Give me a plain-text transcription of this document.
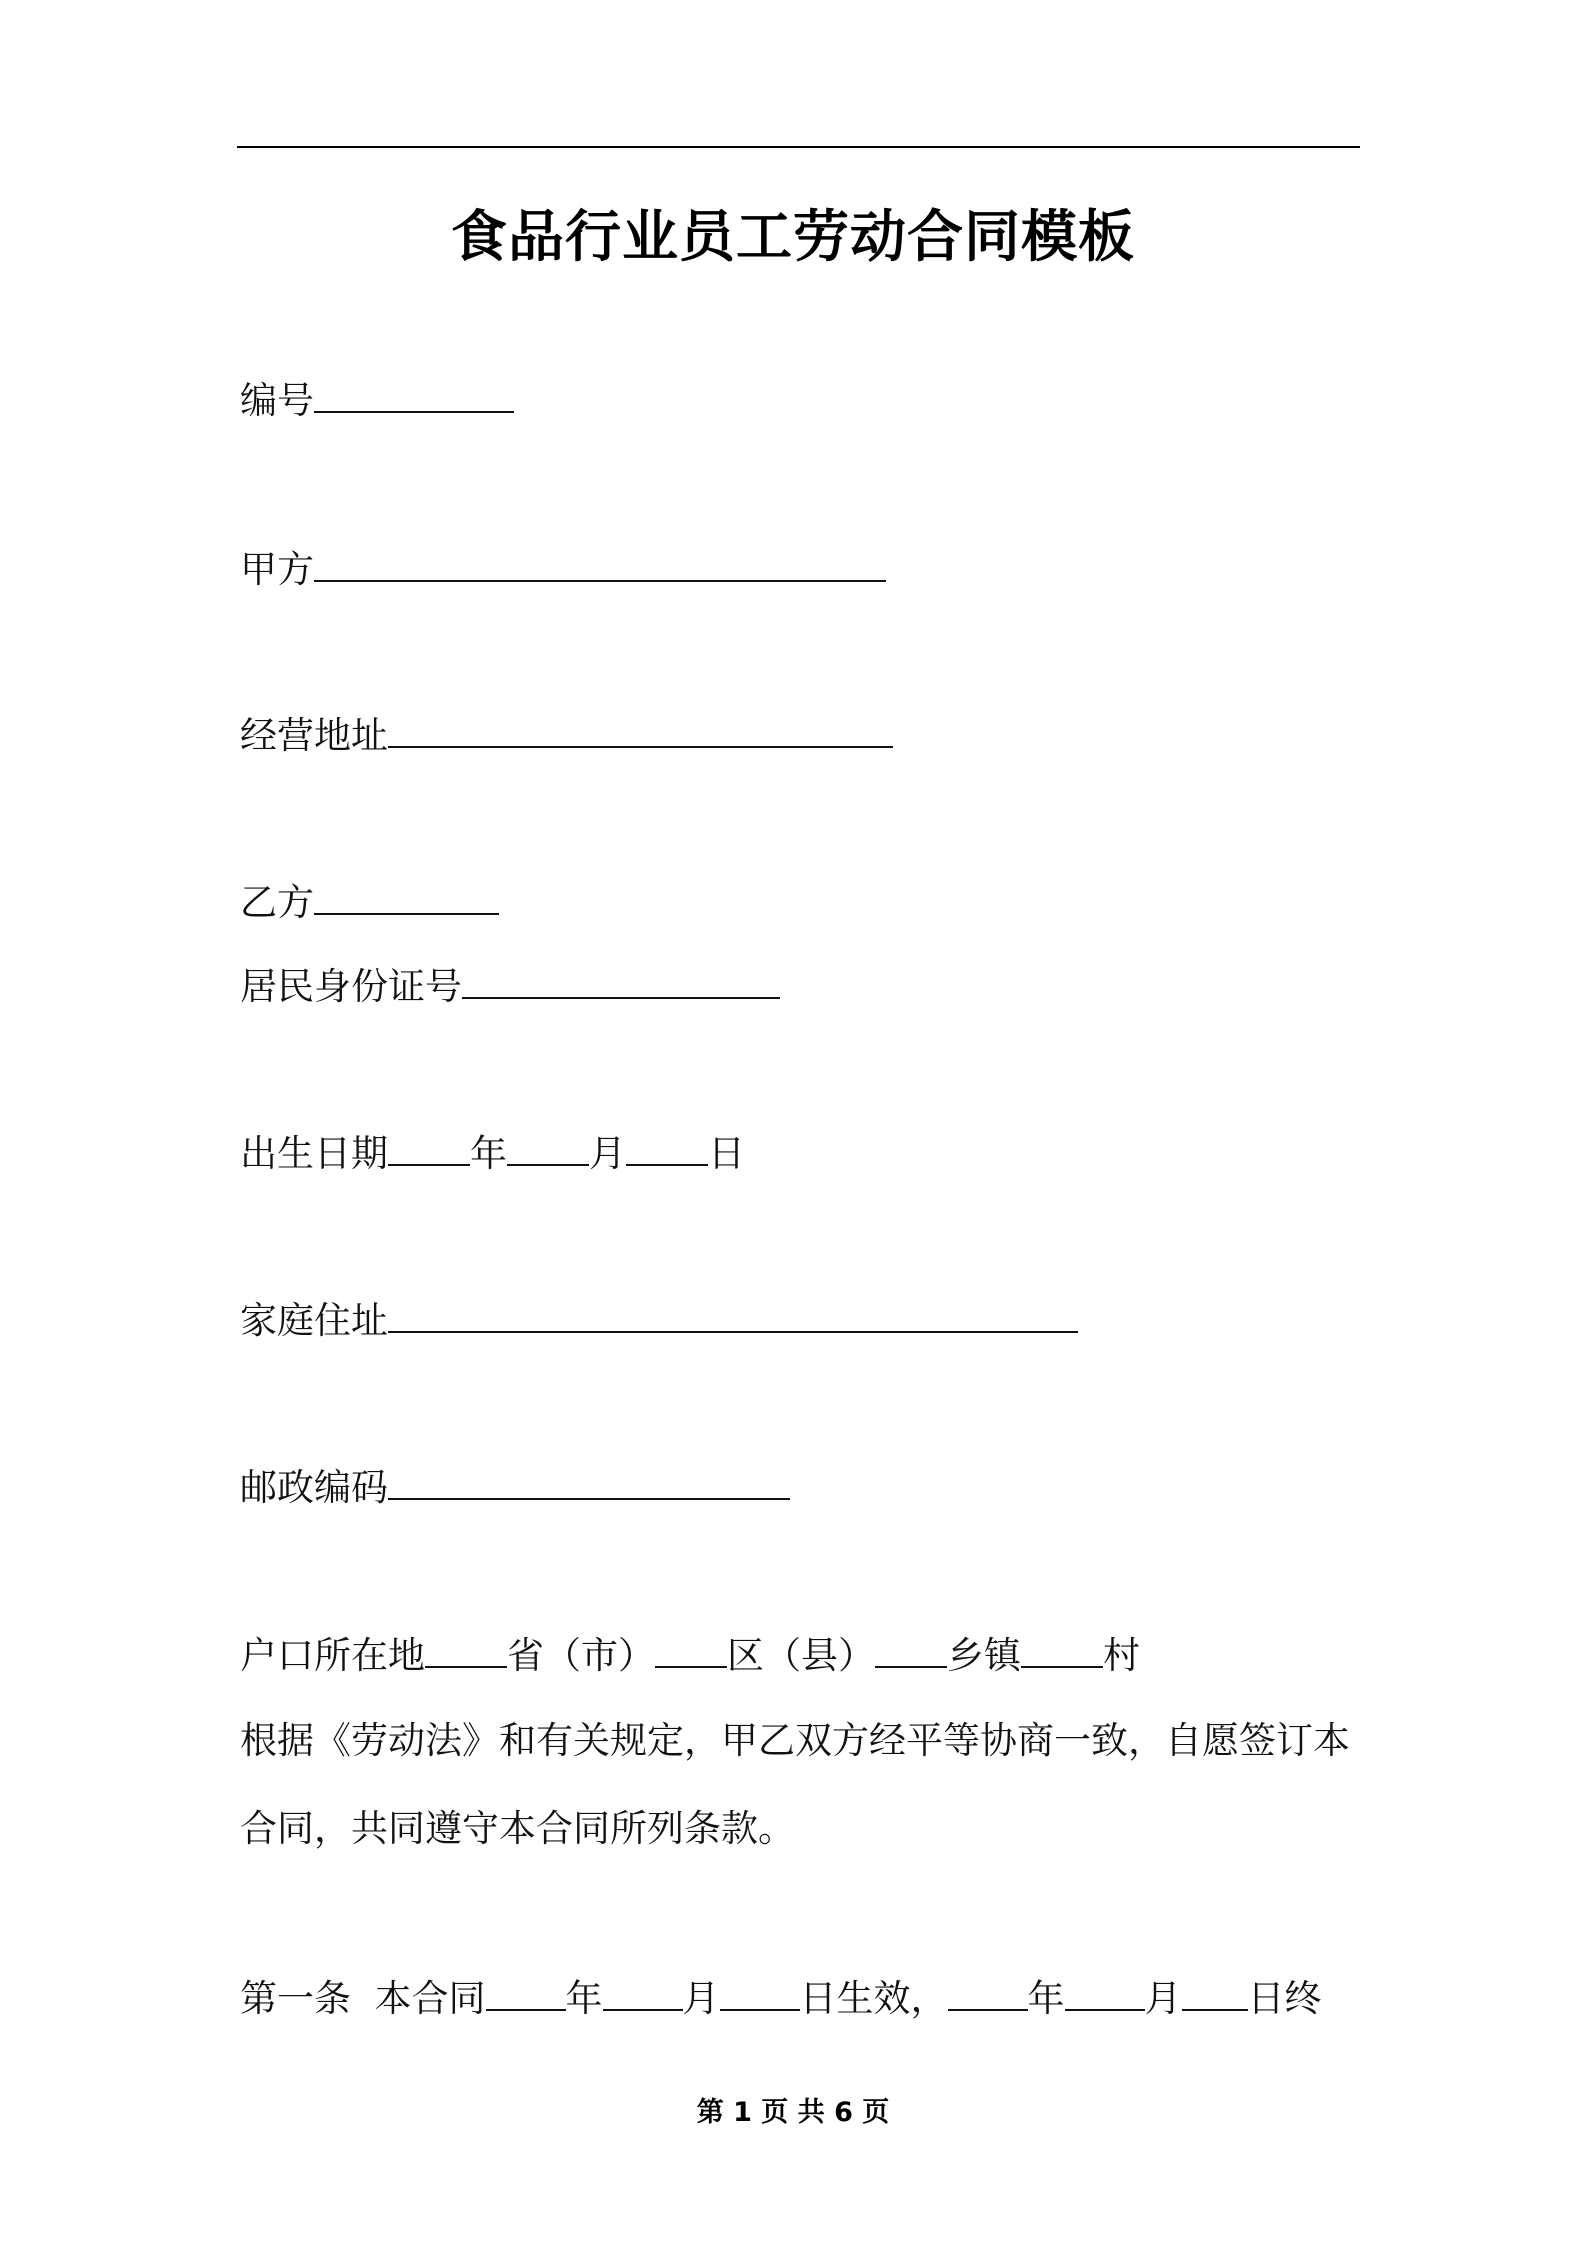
食品行业员工劳动合同模板
编号
甲方
经营地址
乙方
居民身份证号
出生日期 年 月 日
家庭住址
邮政编码
户口所在地 省（市） 区（县） 乡镇 村
根据《劳动法》和有关规定，甲乙双方经平等协商一致，自愿签订本
合同，共同遵守本合同所列条款。
第一条  本合同 年 月 日生效， 年 月 日终
第 1 页 共 6 页
